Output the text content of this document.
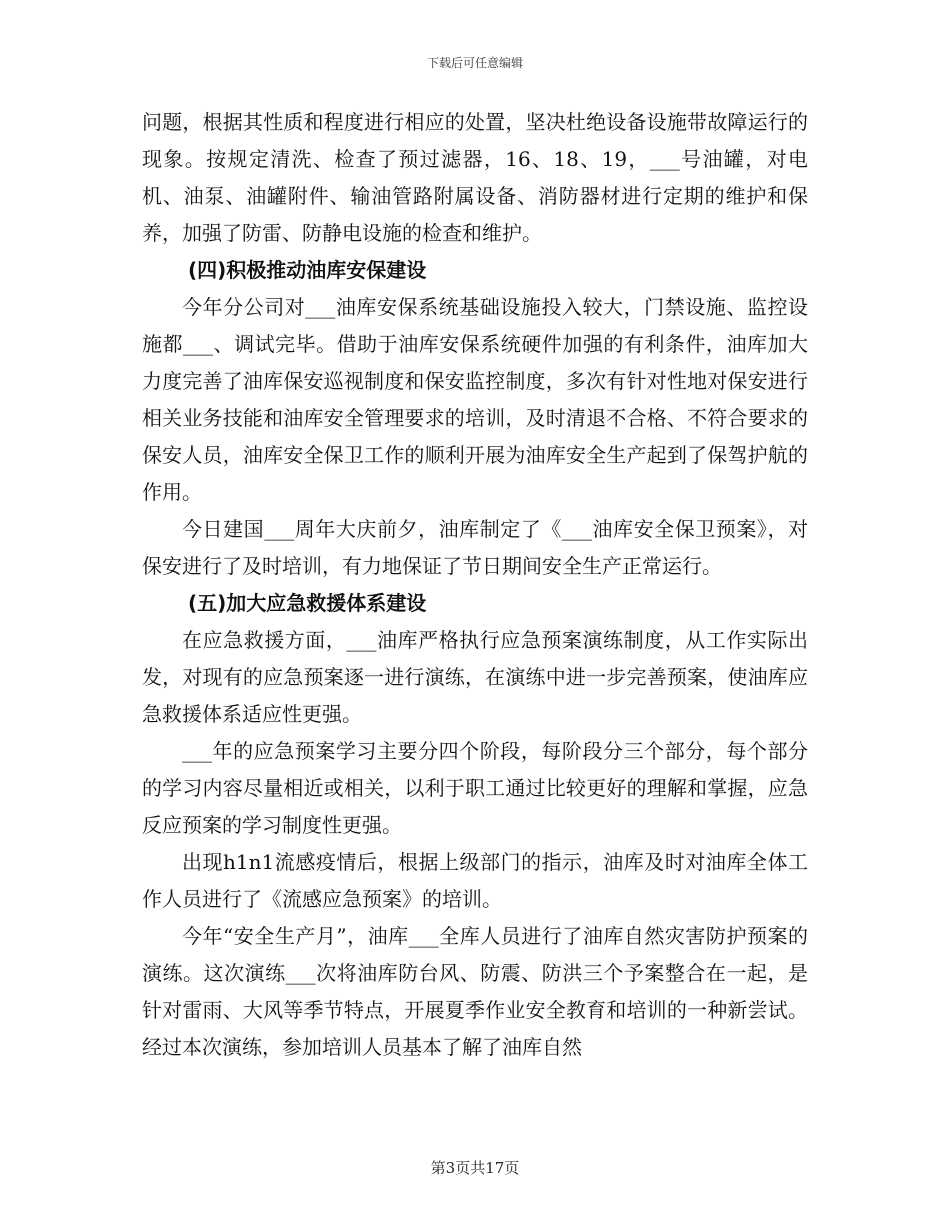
下载后可任意编辑

问题，根据其性质和程度进行相应的处置，坚决杜绝设备设施带故障运行的现象。按规定清洗、检查了预过滤器，16、18、19，___号油罐，对电机、油泵、油罐附件、输油管路附属设备、消防器材进行定期的维护和保养，加强了防雷、防静电设施的检查和维护。

(四)积极推动油库安保建设

今年分公司对___油库安保系统基础设施投入较大，门禁设施、监控设施都___、调试完毕。借助于油库安保系统硬件加强的有利条件，油库加大力度完善了油库保安巡视制度和保安监控制度，多次有针对性地对保安进行相关业务技能和油库安全管理要求的培训，及时清退不合格、不符合要求的保安人员，油库安全保卫工作的顺利开展为油库安全生产起到了保驾护航的作用。

今日建国___周年大庆前夕，油库制定了《___油库安全保卫预案》，对保安进行了及时培训，有力地保证了节日期间安全生产正常运行。

(五)加大应急救援体系建设

在应急救援方面，___油库严格执行应急预案演练制度，从工作实际出发，对现有的应急预案逐一进行演练，在演练中进一步完善预案，使油库应急救援体系适应性更强。

___年的应急预案学习主要分四个阶段，每阶段分三个部分，每个部分的学习内容尽量相近或相关，以利于职工通过比较更好的理解和掌握，应急反应预案的学习制度性更强。

出现h1n1流感疫情后，根据上级部门的指示，油库及时对油库全体工作人员进行了《流感应急预案》的培训。

今年“安全生产月”，油库___全库人员进行了油库自然灾害防护预案的演练。这次演练___次将油库防台风、防震、防洪三个予案整合在一起，是针对雷雨、大风等季节特点，开展夏季作业安全教育和培训的一种新尝试。经过本次演练，参加培训人员基本了解了油库自然

第3页共17页
